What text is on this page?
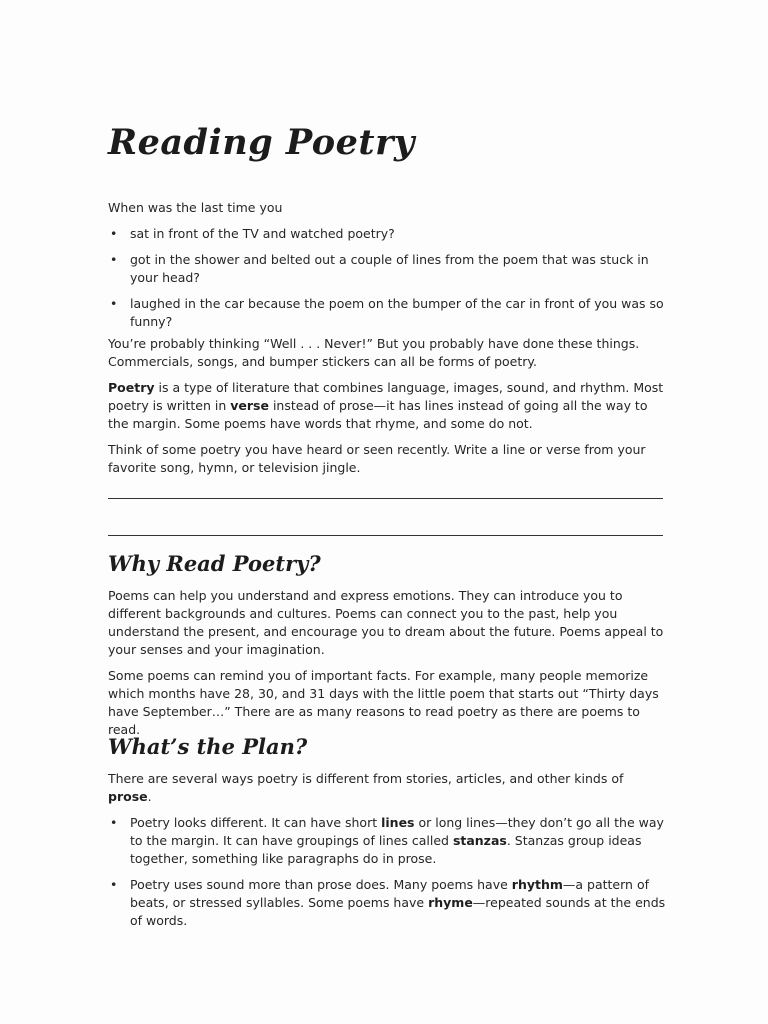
Reading Poetry

When was the last time you

• sat in front of the TV and watched poetry?
• got in the shower and belted out a couple of lines from the poem that was stuck in your head?
• laughed in the car because the poem on the bumper of the car in front of you was so funny?

You’re probably thinking “Well . . . Never!” But you probably have done these things. Commercials, songs, and bumper stickers can all be forms of poetry.

Poetry is a type of literature that combines language, images, sound, and rhythm. Most poetry is written in verse instead of prose—it has lines instead of going all the way to the margin. Some poems have words that rhyme, and some do not.

Think of some poetry you have heard or seen recently. Write a line or verse from your favorite song, hymn, or television jingle.

Why Read Poetry?

Poems can help you understand and express emotions. They can introduce you to different backgrounds and cultures. Poems can connect you to the past, help you understand the present, and encourage you to dream about the future. Poems appeal to your senses and your imagination.

Some poems can remind you of important facts. For example, many people memorize which months have 28, 30, and 31 days with the little poem that starts out “Thirty days have September…” There are as many reasons to read poetry as there are poems to read.

What’s the Plan?

There are several ways poetry is different from stories, articles, and other kinds of prose.

• Poetry looks different. It can have short lines or long lines—they don’t go all the way to the margin. It can have groupings of lines called stanzas. Stanzas group ideas together, something like paragraphs do in prose.
• Poetry uses sound more than prose does. Many poems have rhythm—a pattern of beats, or stressed syllables. Some poems have rhyme—repeated sounds at the ends of words.
